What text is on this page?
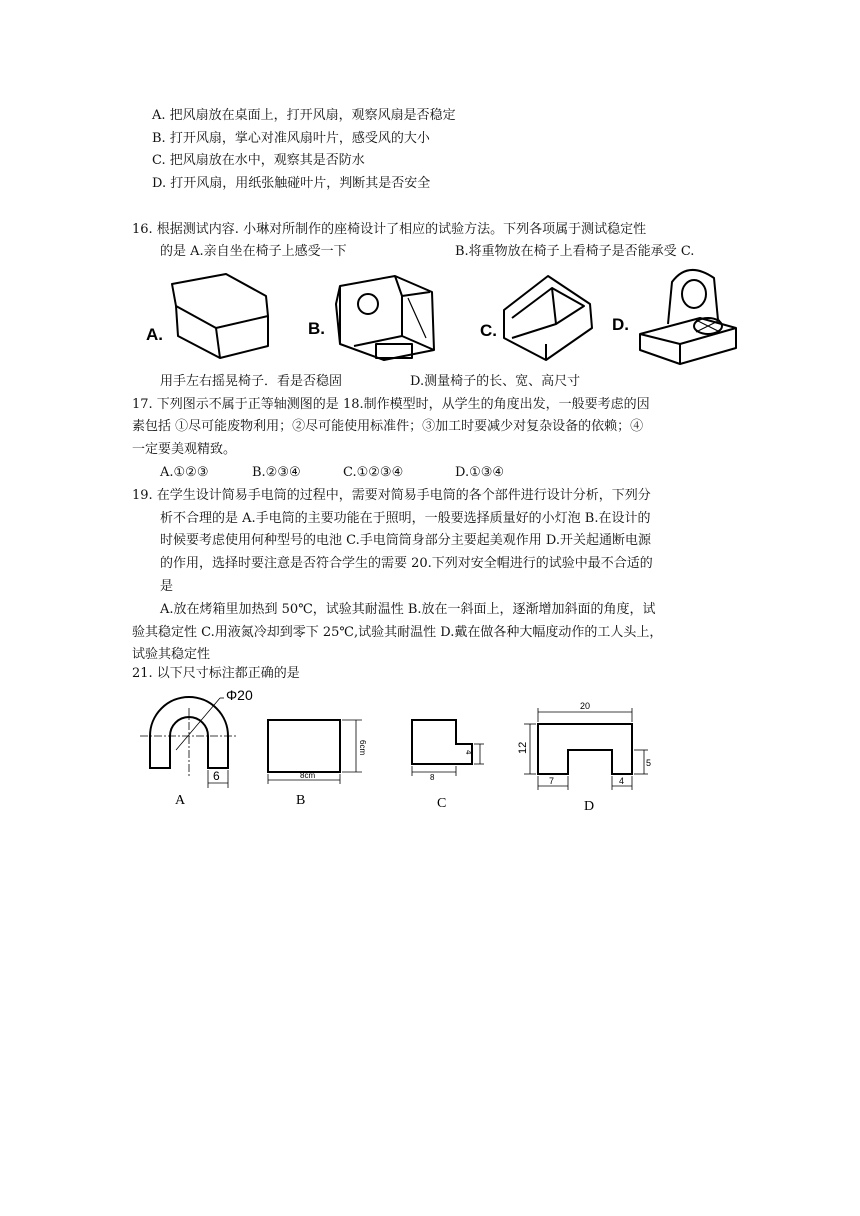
A. 把风扇放在桌面上，打开风扇，观察风扇是否稳定
B. 打开风扇，掌心对准风扇叶片，感受风的大小
C. 把风扇放在水中，观察其是否防水
D. 打开风扇，用纸张触碰叶片，判断其是否安全
16. 根据测试内容. 小琳对所制作的座椅设计了相应的试验方法。下列各项属于测试稳定性
的是 A.亲自坐在椅子上感受一下	B.将重物放在椅子上看椅子是否能承受 C.
A.	B.	C.	D.
用手左右摇晃椅子．看是否稳固	D.测量椅子的长、宽、高尺寸
17. 下列图示不属于正等轴测图的是 18.制作模型时，从学生的角度出发，一般要考虑的因
素包括 ①尽可能废物利用；②尽可能使用标准件；③加工时要减少对复杂设备的依赖；④
一定要美观精致。
A.①②③	B.②③④	C.①②③④	D.①③④
19. 在学生设计简易手电筒的过程中，需要对简易手电筒的各个部件进行设计分析，下列分
析不合理的是 A.手电筒的主要功能在于照明，一般要选择质量好的小灯泡 B.在设计的
时候要考虑使用何种型号的电池 C.手电筒筒身部分主要起美观作用 D.开关起通断电源
的作用，选择时要注意是否符合学生的需要 20.下列对安全帽进行的试验中最不合适的
是
A.放在烤箱里加热到 50℃，试验其耐温性 B.放在一斜面上，逐渐增加斜面的角度，试
验其稳定性 C.用液氮冷却到零下 25℃,试验其耐温性 D.戴在做各种大幅度动作的工人头上，
试验其稳定性
21. 以下尺寸标注都正确的是
Φ20
6
A
8cm
6cm
B
8
4
C
20
12
7	4
5
D
